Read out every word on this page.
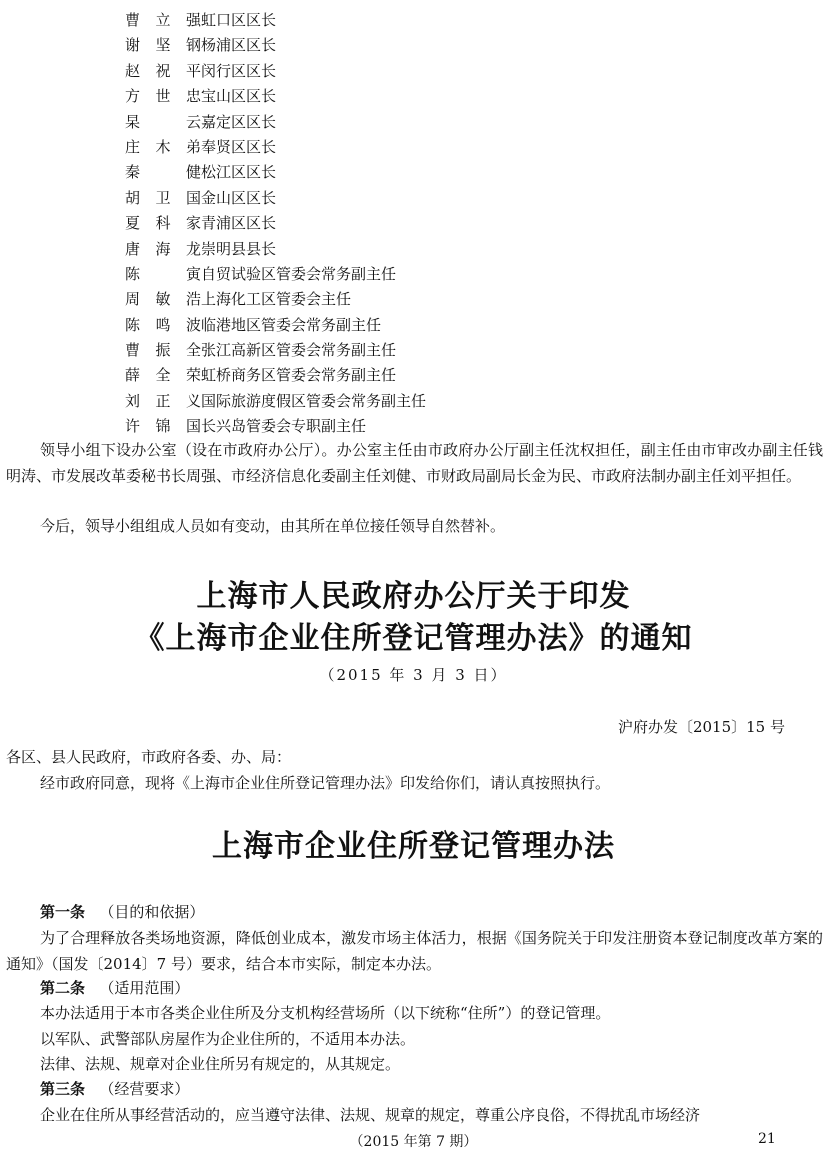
曹立强虹口区区长
谢坚钢杨浦区区长
赵祝平闵行区区长
方世忠宝山区区长
杲　云嘉定区区长
庄木弟奉贤区区长
秦　健松江区区长
胡卫国金山区区长
夏科家青浦区区长
唐海龙崇明县县长
陈　寅自贸试验区管委会常务副主任
周敏浩上海化工区管委会主任
陈鸣波临港地区管委会常务副主任
曹振全张江高新区管委会常务副主任
薛全荣虹桥商务区管委会常务副主任
刘正义国际旅游度假区管委会常务副主任
许锦国长兴岛管委会专职副主任

领导小组下设办公室（设在市政府办公厅）。办公室主任由市政府办公厅副主任沈权担任，副主任由市审改办副主任钱明涛、市发展改革委秘书长周强、市经济信息化委副主任刘健、市财政局副局长金为民、市政府法制办副主任刘平担任。

今后，领导小组组成人员如有变动，由其所在单位接任领导自然替补。

上海市人民政府办公厅关于印发
《上海市企业住所登记管理办法》的通知
（2015 年 3 月 3 日）
沪府办发〔2015〕15 号
各区、县人民政府，市政府各委、办、局：
经市政府同意，现将《上海市企业住所登记管理办法》印发给你们，请认真按照执行。
上海市企业住所登记管理办法
第一条 （目的和依据）

为了合理释放各类场地资源，降低创业成本，激发市场主体活力，根据《国务院关于印发注册资本登记制度改革方案的通知》（国发〔2014〕7 号）要求，结合本市实际，制定本办法。

第二条 （适用范围）
本办法适用于本市各类企业住所及分支机构经营场所（以下统称“住所”）的登记管理。
以军队、武警部队房屋作为企业住所的，不适用本办法。
法律、法规、规章对企业住所另有规定的，从其规定。
第三条 （经营要求）
企业在住所从事经营活动的，应当遵守法律、法规、规章的规定，尊重公序良俗，不得扰乱市场经济
（2015 年第 7 期）	21
